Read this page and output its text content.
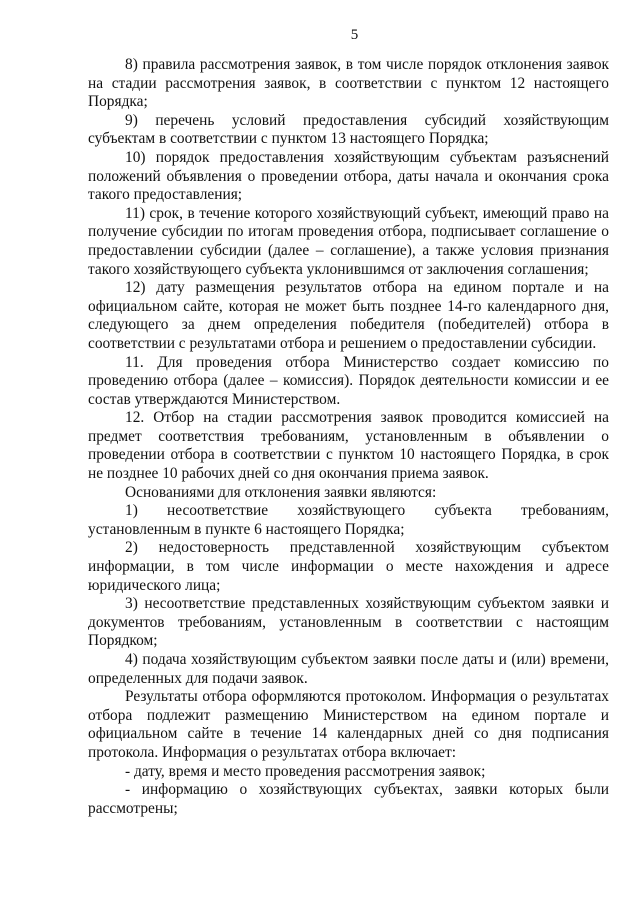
5

8) правила рассмотрения заявок, в том числе порядок отклонения заявок на стадии рассмотрения заявок, в соответствии с пунктом 12 настоящего Порядка;

9) перечень условий предоставления субсидий хозяйствующим субъектам в соответствии с пунктом 13 настоящего Порядка;

10) порядок предоставления хозяйствующим субъектам разъяснений положений объявления о проведении отбора, даты начала и окончания срока такого предоставления;

11) срок, в течение которого хозяйствующий субъект, имеющий право на получение субсидии по итогам проведения отбора, подписывает соглашение о предоставлении субсидии (далее – соглашение), а также условия признания такого хозяйствующего субъекта уклонившимся от заключения соглашения;

12) дату размещения результатов отбора на едином портале и на официальном сайте, которая не может быть позднее 14-го календарного дня, следующего за днем определения победителя (победителей) отбора в соответствии с результатами отбора и решением о предоставлении субсидии.

11. Для проведения отбора Министерство создает комиссию по проведению отбора (далее – комиссия). Порядок деятельности комиссии и ее состав утверждаются Министерством.

12. Отбор на стадии рассмотрения заявок проводится комиссией на предмет соответствия требованиям, установленным в объявлении о проведении отбора в соответствии с пунктом 10 настоящего Порядка, в срок не позднее 10 рабочих дней со дня окончания приема заявок.

Основаниями для отклонения заявки являются:

1) несоответствие хозяйствующего субъекта требованиям, установленным в пункте 6 настоящего Порядка;

2) недостоверность представленной хозяйствующим субъектом информации, в том числе информации о месте нахождения и адресе юридического лица;

3) несоответствие представленных хозяйствующим субъектом заявки и документов требованиям, установленным в соответствии с настоящим Порядком;

4) подача хозяйствующим субъектом заявки после даты и (или) времени, определенных для подачи заявок.

Результаты отбора оформляются протоколом. Информация о результатах отбора подлежит размещению Министерством на едином портале и официальном сайте в течение 14 календарных дней со дня подписания протокола. Информация о результатах отбора включает:

- дату, время и место проведения рассмотрения заявок;

- информацию о хозяйствующих субъектах, заявки которых были рассмотрены;
